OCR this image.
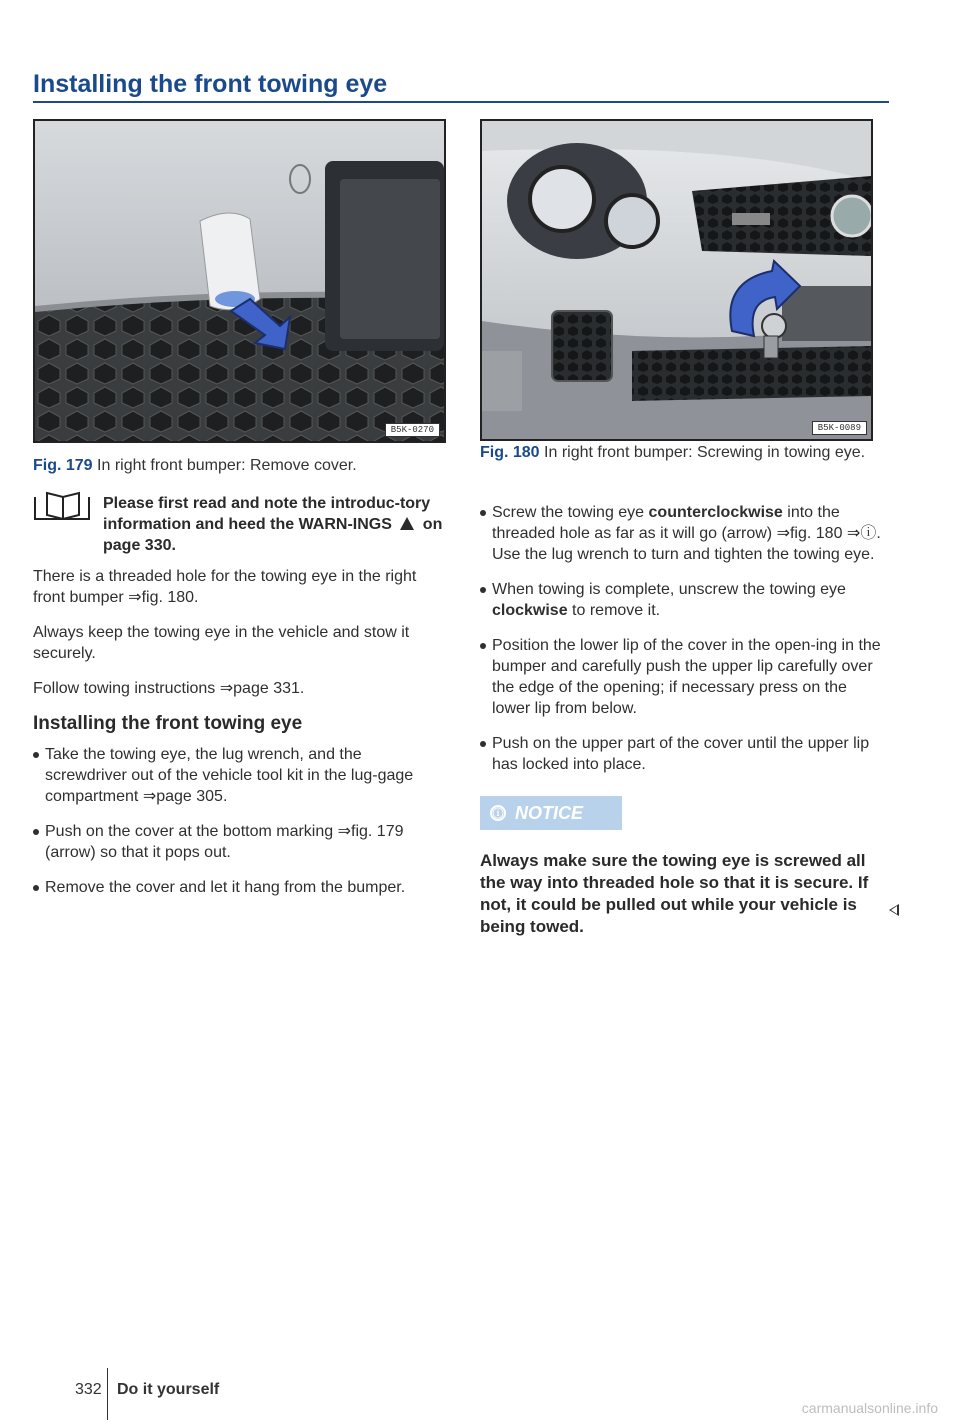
Installing the front towing eye
B5K-0270
Fig. 179 In right front bumper: Remove cover.
B5K-0089
Fig. 180 In right front bumper: Screwing in towing eye.
Please first read and note the introduc-tory information and heed the WARN-INGS on page 330.

There is a threaded hole for the towing eye in the right front bumper ⇒fig. 180.

Always keep the towing eye in the vehicle and stow it securely.

Follow towing instructions ⇒page 331.

Installing the front towing eye
Take the towing eye, the lug wrench, and the screwdriver out of the vehicle tool kit in the lug-gage compartment ⇒page 305.
Push on the cover at the bottom marking ⇒fig. 179 (arrow) so that it pops out.
Remove the cover and let it hang from the bumper.
Screw the towing eye counterclockwise into the threaded hole as far as it will go (arrow) ⇒fig. 180 ⇒ⓘ. Use the lug wrench to turn and tighten the towing eye.
When towing is complete, unscrew the towing eye clockwise to remove it.
Position the lower lip of the cover in the open-ing in the bumper and carefully push the upper lip carefully over the edge of the opening; if necessary press on the lower lip from below.
Push on the upper part of the cover until the upper lip has locked into place.
ⓘ NOTICE
Always make sure the towing eye is screwed all the way into threaded hole so that it is secure. If not, it could be pulled out while your vehicle is being towed.
332 Do it yourself
carmanualsonline.info
